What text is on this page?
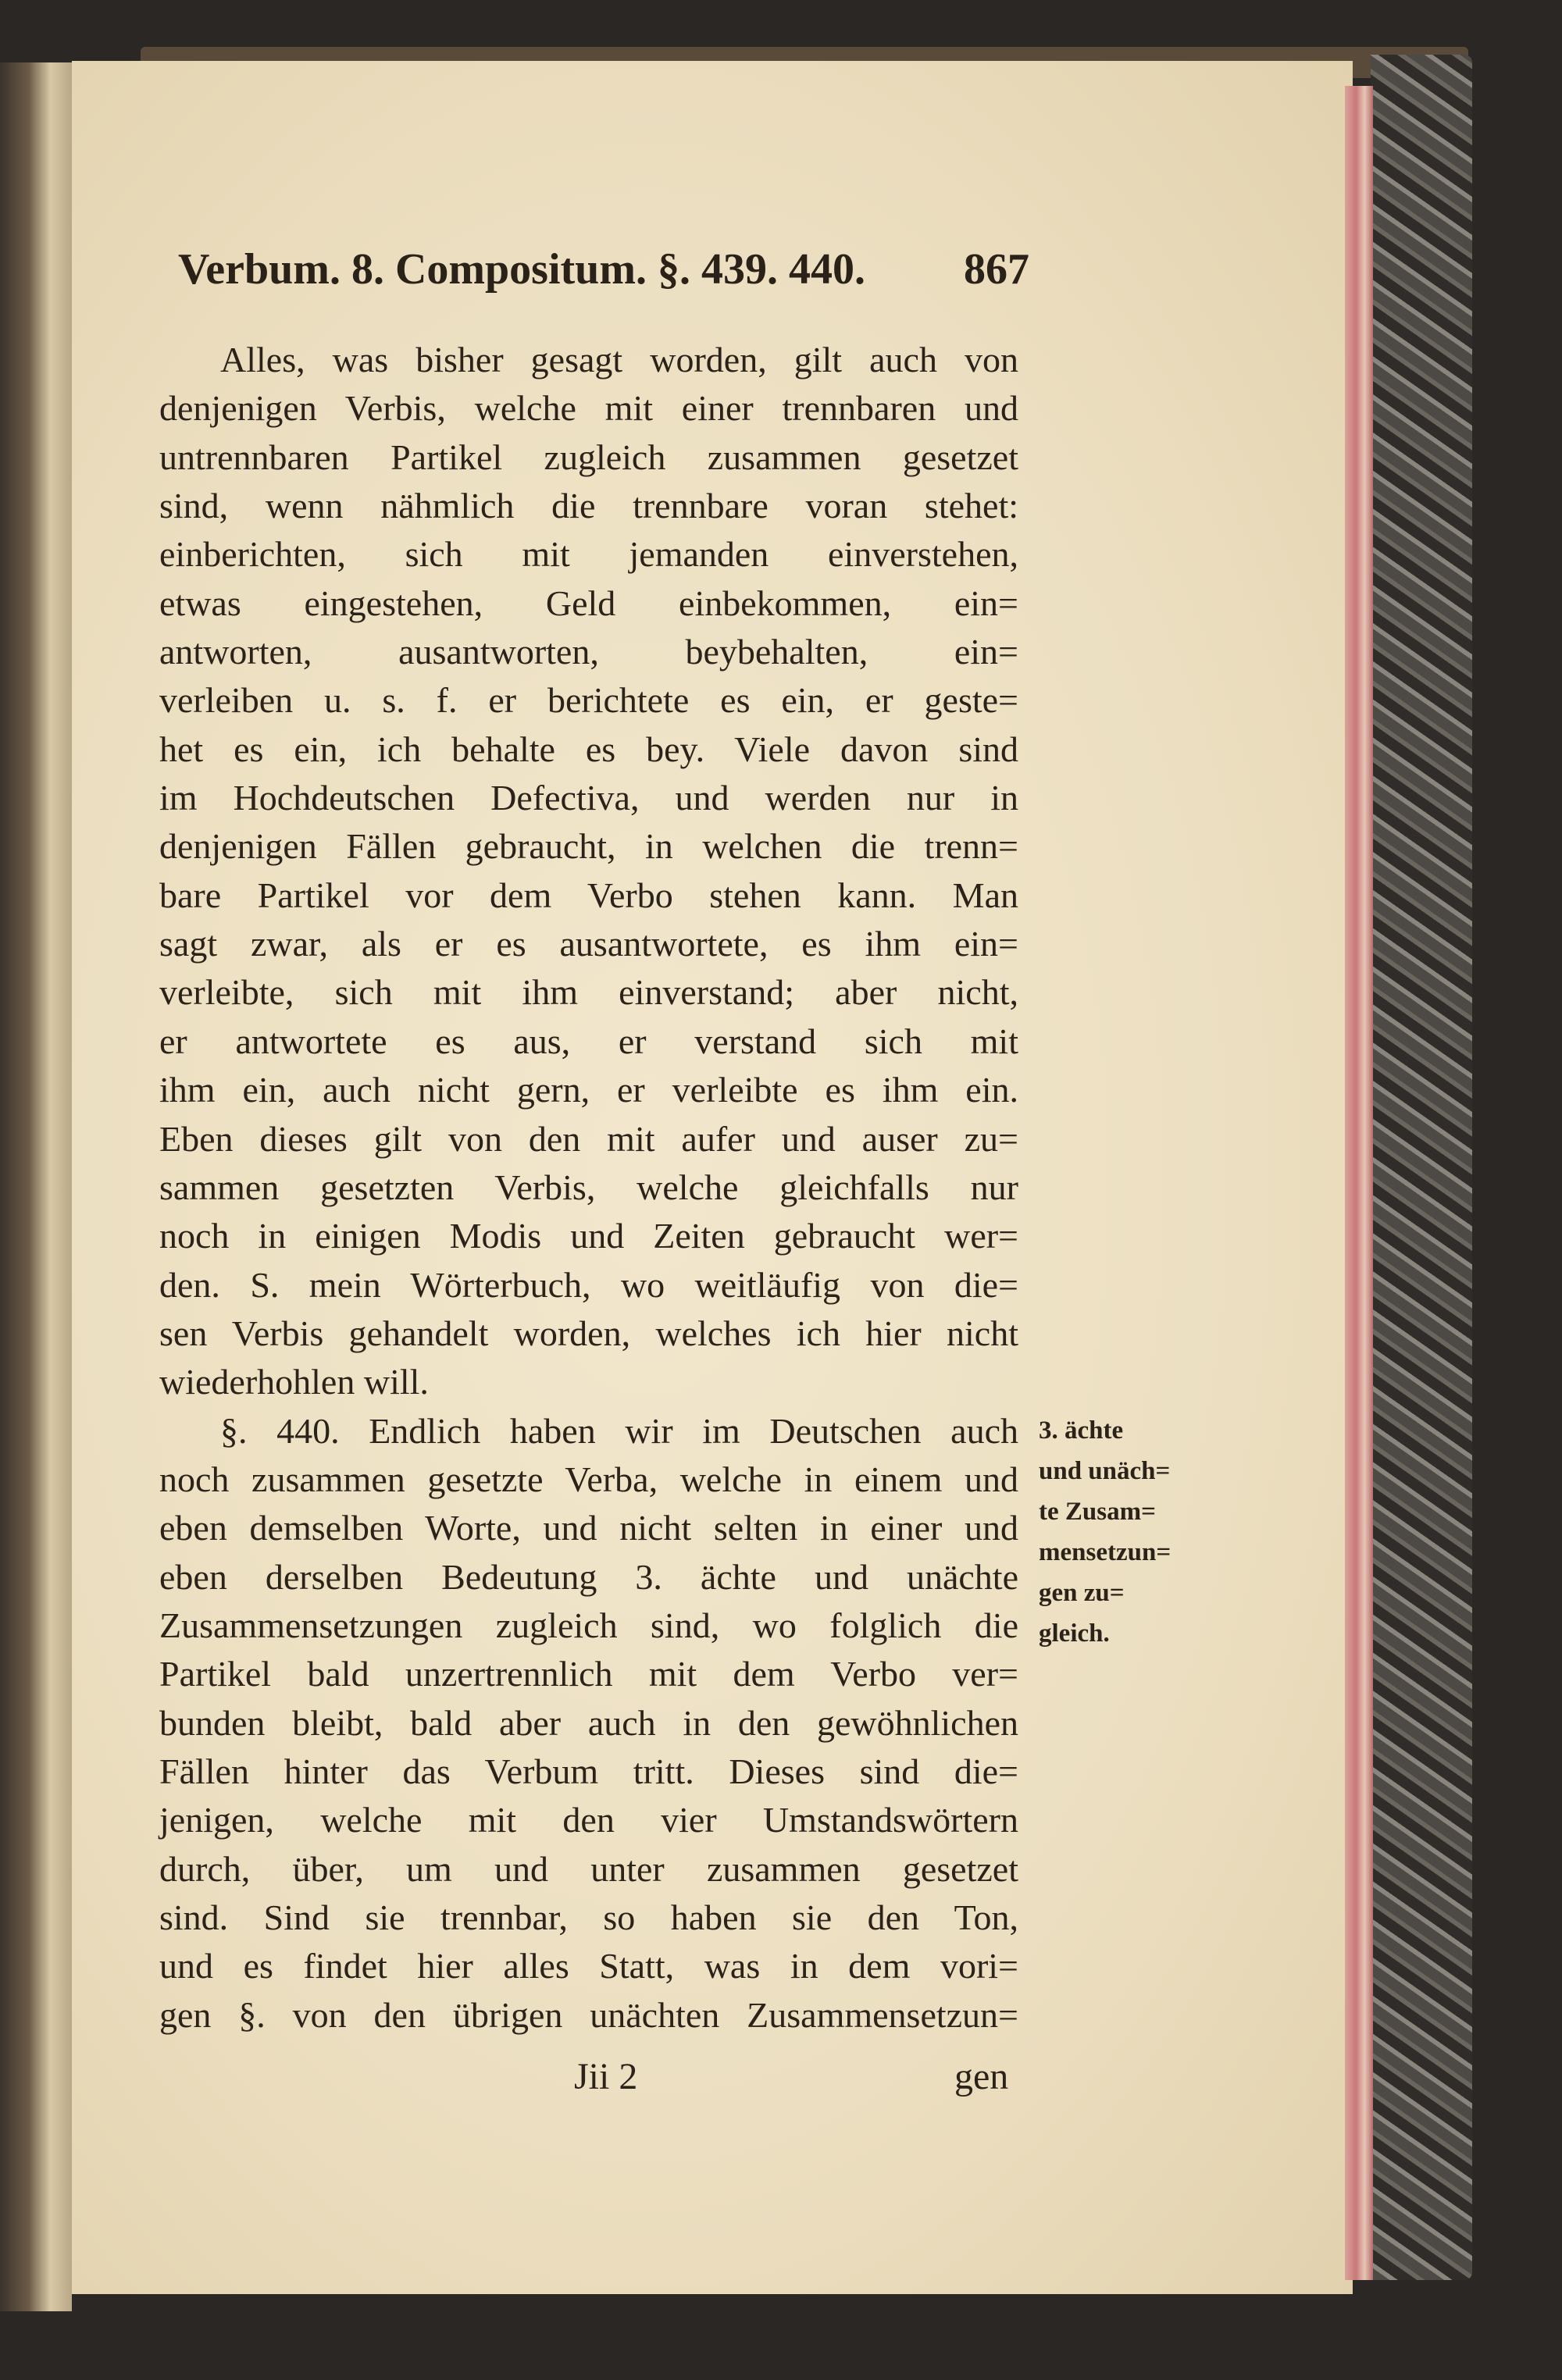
Verbum. 8. Compositum. §. 439. 440. 867
Alles, was bisher gesagt worden, gilt auch von
denjenigen Verbis, welche mit einer trennbaren und
untrennbaren Partikel zugleich zusammen gesetzet
sind, wenn nähmlich die trennbare voran stehet:
einberichten, sich mit jemanden einverstehen,
etwas eingestehen, Geld einbekommen, ein=
antworten, ausantworten, beybehalten, ein=
verleiben u. s. f. er berichtete es ein, er geste=
het es ein, ich behalte es bey. Viele davon sind
im Hochdeutschen Defectiva, und werden nur in
denjenigen Fällen gebraucht, in welchen die trenn=
bare Partikel vor dem Verbo stehen kann. Man
sagt zwar, als er es ausantwortete, es ihm ein=
verleibte, sich mit ihm einverstand; aber nicht,
er antwortete es aus, er verstand sich mit
ihm ein, auch nicht gern, er verleibte es ihm ein.
Eben dieses gilt von den mit aufer und auser zu=
sammen gesetzten Verbis, welche gleichfalls nur
noch in einigen Modis und Zeiten gebraucht wer=
den. S. mein Wörterbuch, wo weitläufig von die=
sen Verbis gehandelt worden, welches ich hier nicht
wiederhohlen will.
§. 440. Endlich haben wir im Deutschen auch
noch zusammen gesetzte Verba, welche in einem und
eben demselben Worte, und nicht selten in einer und
eben derselben Bedeutung 3. ächte und unächte
Zusammensetzungen zugleich sind, wo folglich die
Partikel bald unzertrennlich mit dem Verbo ver=
bunden bleibt, bald aber auch in den gewöhnlichen
Fällen hinter das Verbum tritt. Dieses sind die=
jenigen, welche mit den vier Umstandswörtern
durch, über, um und unter zusammen gesetzet
sind. Sind sie trennbar, so haben sie den Ton,
und es findet hier alles Statt, was in dem vori=
gen §. von den übrigen unächten Zusammensetzun=
3. ächte
und unäch=
te Zusam=
mensetzun=
gen zu=
gleich.
Jii 2	gen
